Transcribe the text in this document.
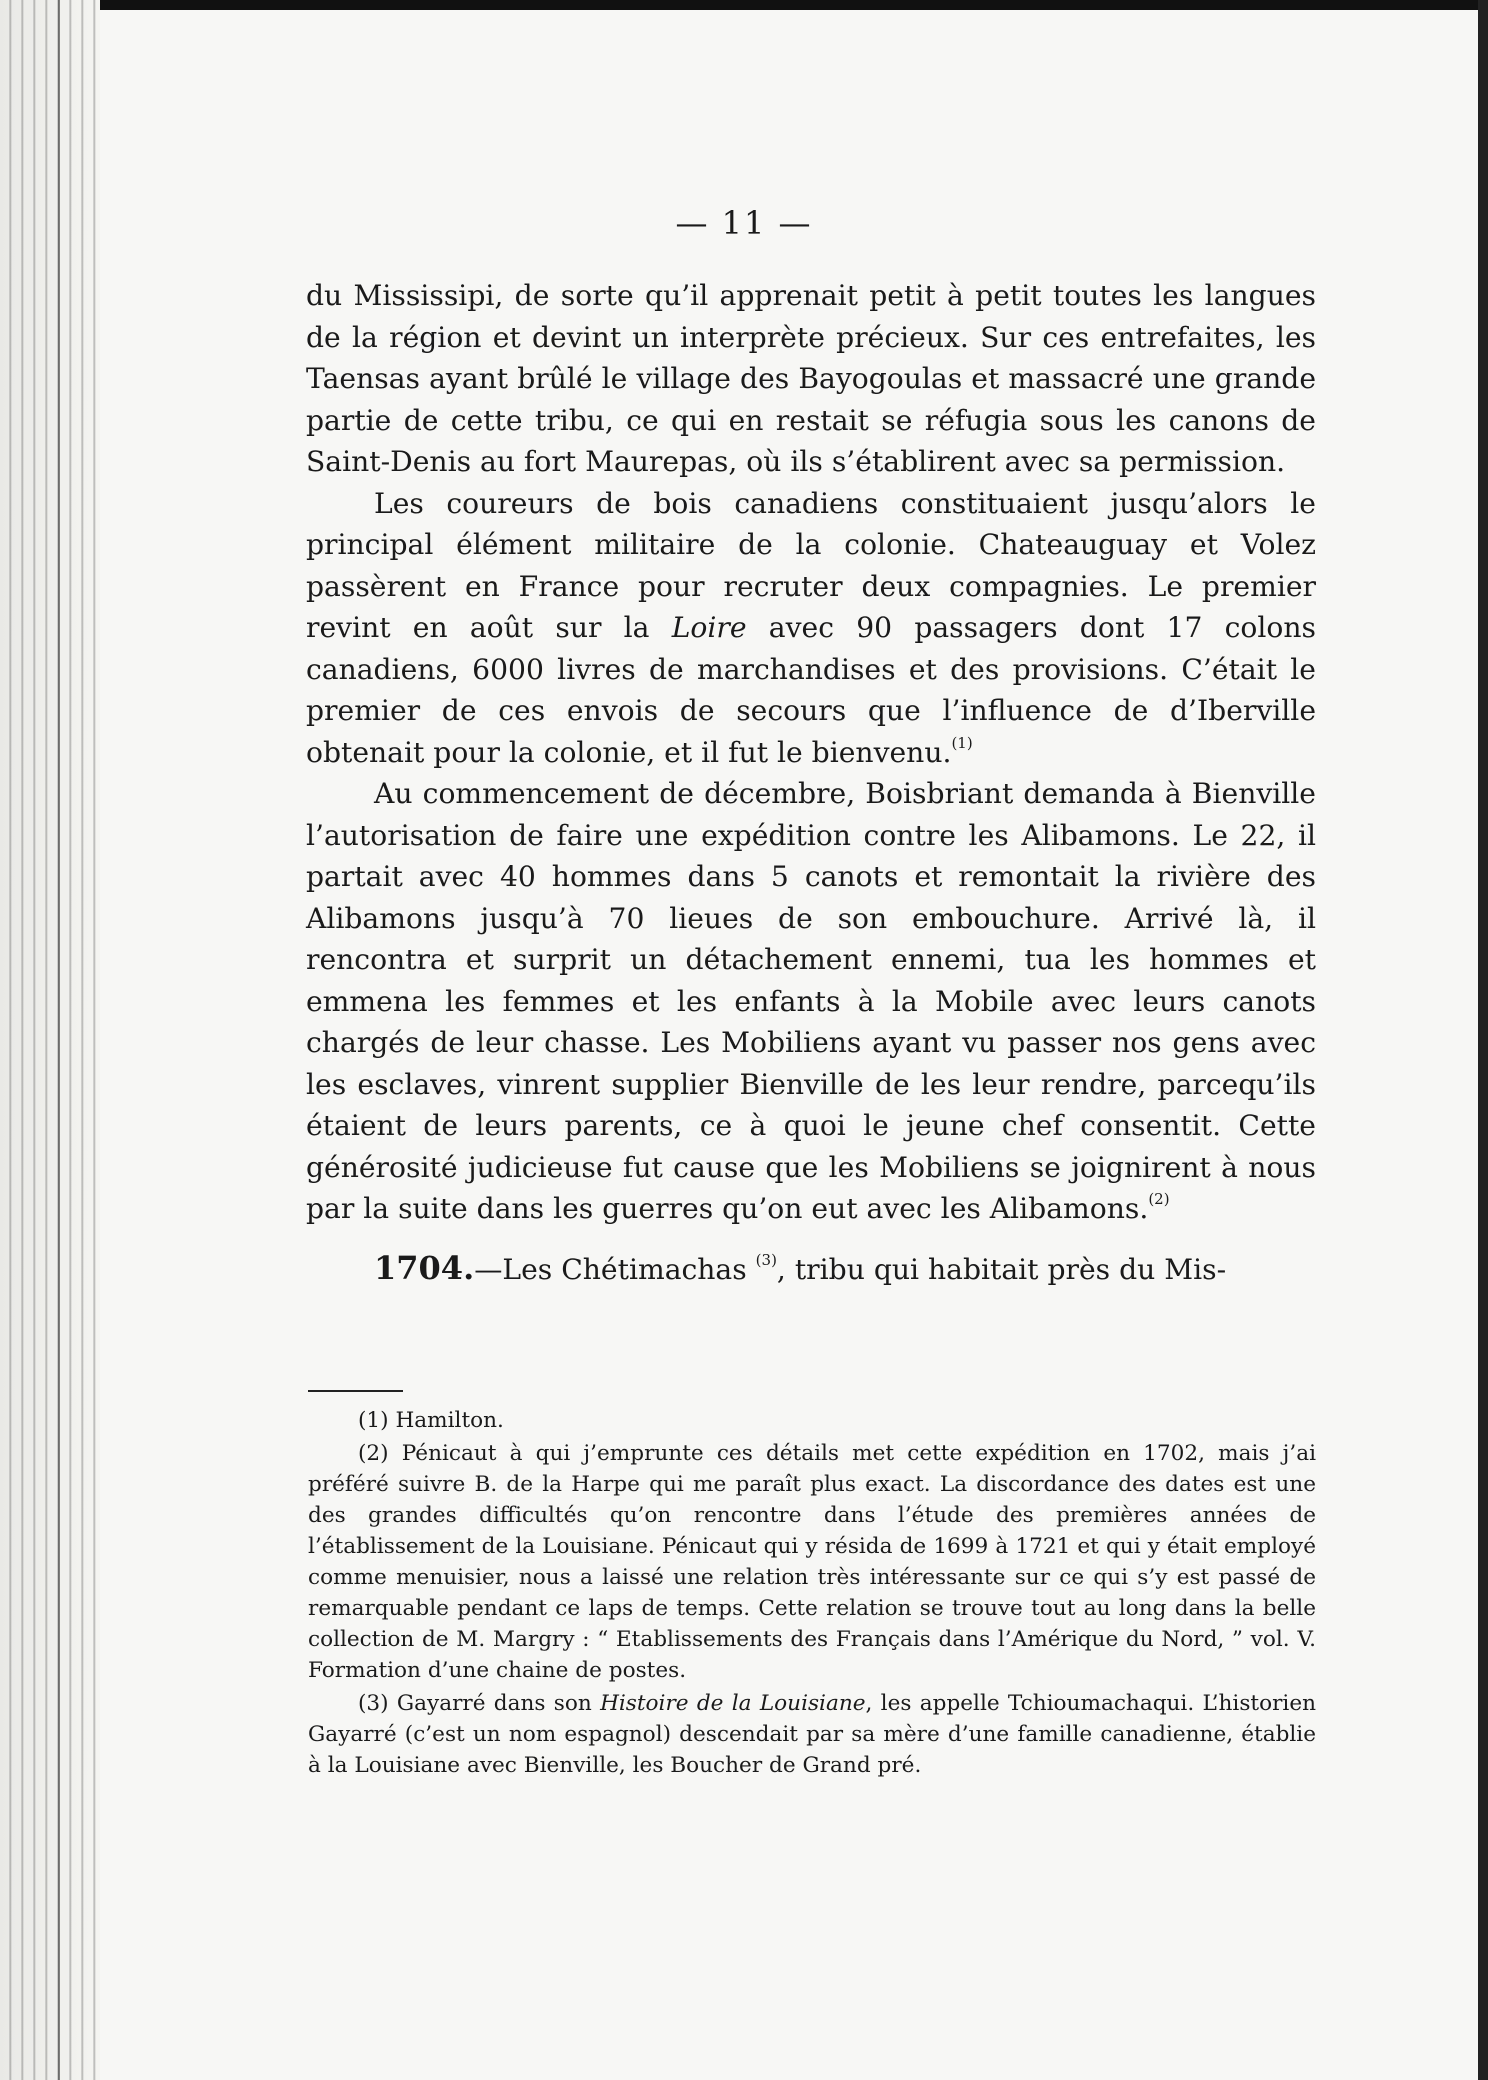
— 11 —

du Mississipi, de sorte qu’il apprenait petit à petit toutes les langues de la région et devint un interprète précieux. Sur ces entrefaites, les Taensas ayant brûlé le village des Bayogoulas et massacré une grande partie de cette tribu, ce qui en restait se réfugia sous les canons de Saint-Denis au fort Maurepas, où ils s’établirent avec sa permission.

Les coureurs de bois canadiens constituaient jusqu’alors le principal élément militaire de la colonie. Chateauguay et Volez passèrent en France pour recruter deux compagnies. Le premier revint en août sur la Loire avec 90 passagers dont 17 colons canadiens, 6000 livres de marchandises et des provisions. C’était le premier de ces envois de secours que l’influence de d’Iberville obtenait pour la colonie, et il fut le bienvenu.$^{(1)}$

Au commencement de décembre, Boisbriant demanda à Bienville l’autorisation de faire une expédition contre les Alibamons. Le 22, il partait avec 40 hommes dans 5 canots et remontait la rivière des Alibamons jusqu’à 70 lieues de son embouchure. Arrivé là, il rencontra et surprit un détachement ennemi, tua les hommes et emmena les femmes et les enfants à la Mobile avec leurs canots chargés de leur chasse. Les Mobiliens ayant vu passer nos gens avec les esclaves, vinrent supplier Bienville de les leur rendre, parcequ’ils étaient de leurs parents, ce à quoi le jeune chef consentit. Cette générosité judicieuse fut cause que les Mobiliens se joignirent à nous par la suite dans les guerres qu’on eut avec les Alibamons.$^{(2)}$

1704.—Les Chétimachas $^{(3)}$, tribu qui habitait près du Mis-

(1) Hamilton.

(2) Pénicaut à qui j’emprunte ces détails met cette expédition en 1702, mais j’ai préféré suivre B. de la Harpe qui me paraît plus exact. La discordance des dates est une des grandes difficultés qu’on rencontre dans l’étude des premières années de l’établissement de la Louisiane. Pénicaut qui y résida de 1699 à 1721 et qui y était employé comme menuisier, nous a laissé une relation très intéressante sur ce qui s’y est passé de remarquable pendant ce laps de temps. Cette relation se trouve tout au long dans la belle collection de M. Margry : “ Etablissements des Français dans l’Amérique du Nord, ” vol. V. Formation d’une chaine de postes.

(3) Gayarré dans son Histoire de la Louisiane, les appelle Tchioumachaqui. L’historien Gayarré (c’est un nom espagnol) descendait par sa mère d’une famille canadienne, établie à la Louisiane avec Bienville, les Boucher de Grand pré.
